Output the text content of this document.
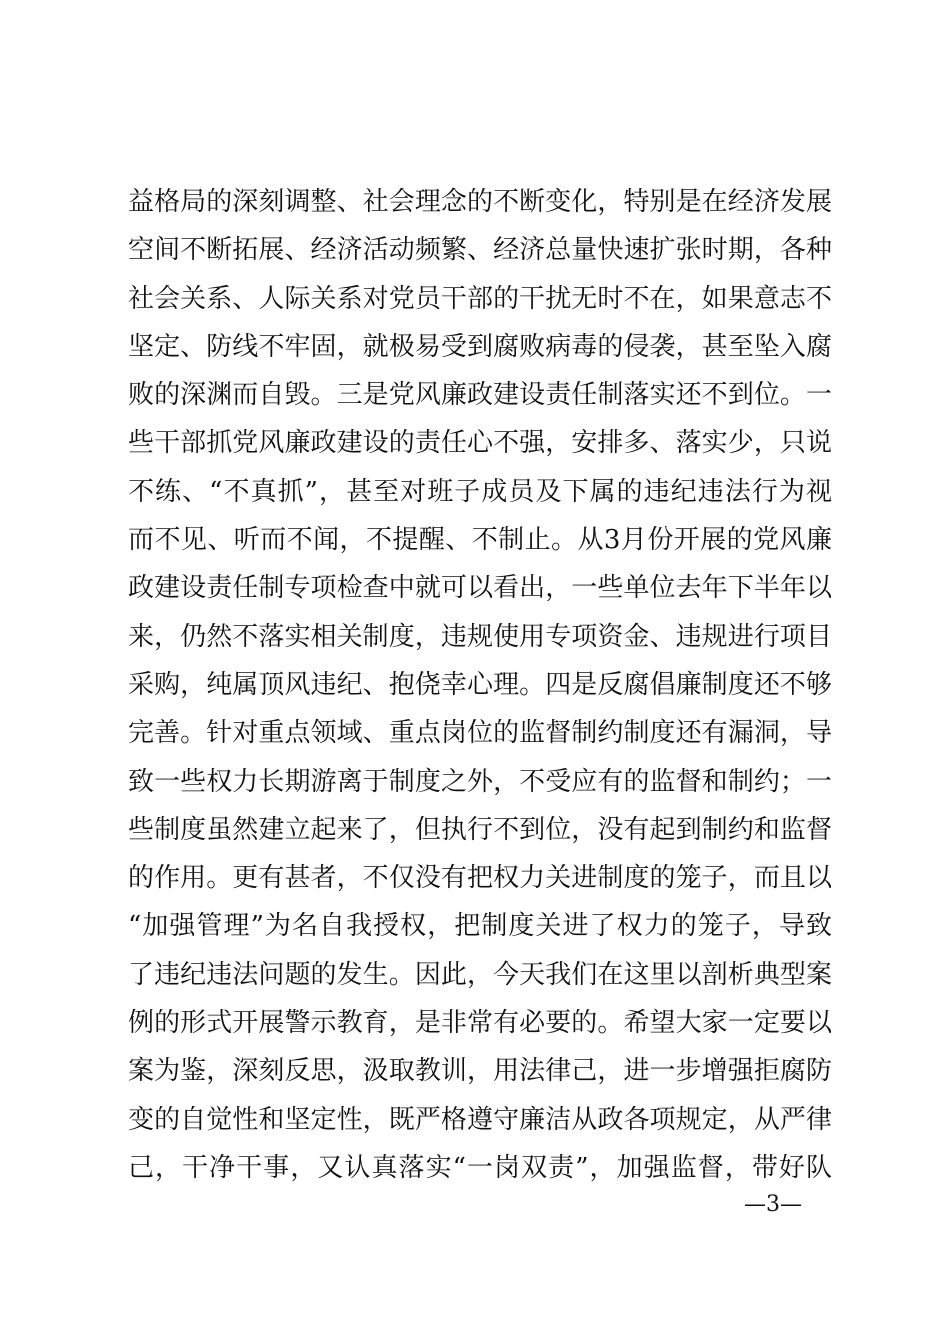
益格局的深刻调整、社会理念的不断变化，特别是在经济发展
空间不断拓展、经济活动频繁、经济总量快速扩张时期，各种
社会关系、人际关系对党员干部的干扰无时不在，如果意志不
坚定、防线不牢固，就极易受到腐败病毒的侵袭，甚至坠入腐
败的深渊而自毁。三是党风廉政建设责任制落实还不到位。一
些干部抓党风廉政建设的责任心不强，安排多、落实少，只说
不练、“不真抓”，甚至对班子成员及下属的违纪违法行为视
而不见、听而不闻，不提醒、不制止。从3月份开展的党风廉
政建设责任制专项检查中就可以看出，一些单位去年下半年以
来，仍然不落实相关制度，违规使用专项资金、违规进行项目
采购，纯属顶风违纪、抱侥幸心理。四是反腐倡廉制度还不够
完善。针对重点领域、重点岗位的监督制约制度还有漏洞，导
致一些权力长期游离于制度之外，不受应有的监督和制约；一
些制度虽然建立起来了，但执行不到位，没有起到制约和监督
的作用。更有甚者，不仅没有把权力关进制度的笼子，而且以
“加强管理”为名自我授权，把制度关进了权力的笼子，导致
了违纪违法问题的发生。因此，今天我们在这里以剖析典型案
例的形式开展警示教育，是非常有必要的。希望大家一定要以
案为鉴，深刻反思，汲取教训，用法律己，进一步增强拒腐防
变的自觉性和坚定性，既严格遵守廉洁从政各项规定，从严律
己，干净干事，又认真落实“一岗双责”，加强监督，带好队
—3—
